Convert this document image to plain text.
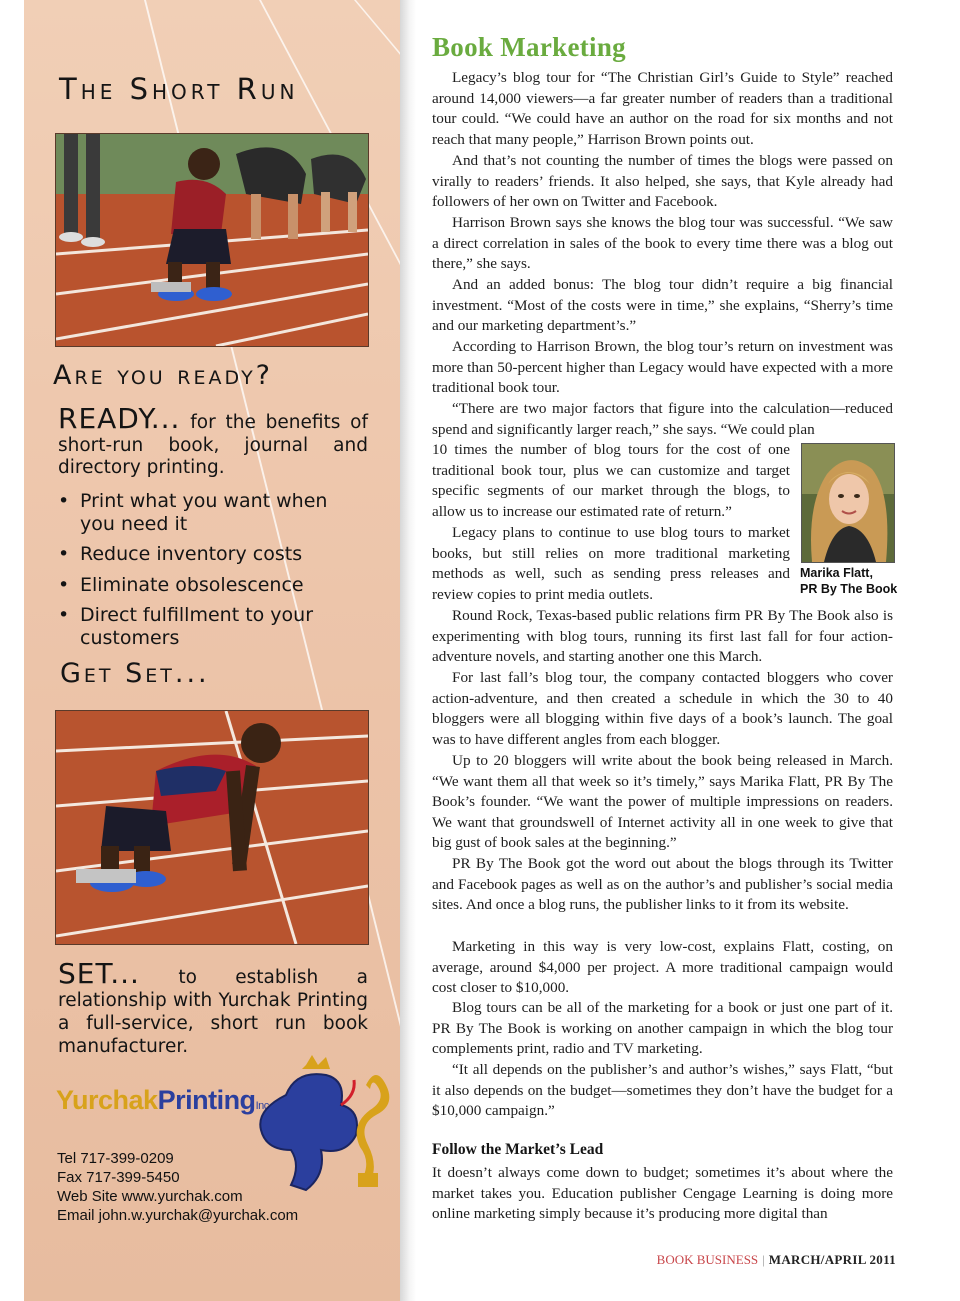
The Short Run
Are you ready?
READY... for the benefits of short-run book, journal and directory printing.
• Print what you want when you need it
• Reduce inventory costs
• Eliminate obsolescence
• Direct fulfillment to your customers
Get Set...
SET... to establish a relationship with Yurchak Printing a full-service, short run book manufacturer.
YurchakPrintingInc
Tel 717-399-0209
Fax 717-399-5450
Web Site www.yurchak.com
Email john.w.yurchak@yurchak.com
Book Marketing

Legacy’s blog tour for “The Christian Girl’s Guide to Style” reached around 14,000 viewers—a far greater number of readers than a traditional tour could. “We could have an author on the road for six months and not reach that many people,” Harrison Brown points out.

And that’s not counting the number of times the blogs were passed on virally to readers’ friends. It also helped, she says, that Kyle already had followers of her own on Twitter and Facebook.

Harrison Brown says she knows the blog tour was successful. “We saw a direct correlation in sales of the book to every time there was a blog out there,” she says.

And an added bonus: The blog tour didn’t require a big financial investment. “Most of the costs were in time,” she explains, “Sherry’s time and our marketing department’s.”

According to Harrison Brown, the blog tour’s return on investment was more than 50-percent higher than Legacy would have expected with a more traditional book tour.

“There are two major factors that figure into the calculation—reduced spend and significantly larger reach,” she says. “We could plan

10 times the number of blog tours for the cost of one traditional book tour, plus we can customize and target specific segments of our market through the blogs, to allow us to increase our estimated rate of return.”

Legacy plans to continue to use blog tours to market books, but still relies on more traditional marketing methods as well, such as sending press releases and review copies to print media outlets.

Round Rock, Texas-based public relations firm PR By The Book also is experimenting with blog tours, running its first last fall for four action-adventure novels, and starting another one this March.

For last fall’s blog tour, the company contacted bloggers who cover action-adventure, and then created a schedule in which the 30 to 40 bloggers were all blogging within five days of a book’s launch. The goal was to have different angles from each blogger.

Up to 20 bloggers will write about the book being released in March. “We want them all that week so it’s timely,” says Marika Flatt, PR By The Book’s founder. “We want the power of multiple impressions on readers. We want that groundswell of Internet activity all in one week to give that big gust of book sales at the beginning.”

PR By The Book got the word out about the blogs through its Twitter and Facebook pages as well as on the author’s and publisher’s social media sites. And once a blog runs, the publisher links to it from its website.

Marketing in this way is very low-cost, explains Flatt, costing, on average, around $4,000 per project. A more traditional campaign would cost closer to $10,000.

Blog tours can be all of the marketing for a book or just one part of it. PR By The Book is working on another campaign in which the blog tour complements print, radio and TV marketing.

“It all depends on the publisher’s and author’s wishes,” says Flatt, “but it also depends on the budget—sometimes they don’t have the budget for a $10,000 campaign.”

Follow the Market’s Lead

It doesn’t always come down to budget; sometimes it’s about where the market takes you. Education publisher Cengage Learning is doing more online marketing simply because it’s producing more digital than

Marika Flatt,
PR By The Book
BOOK BUSINESS | MARCH/APRIL 2011
